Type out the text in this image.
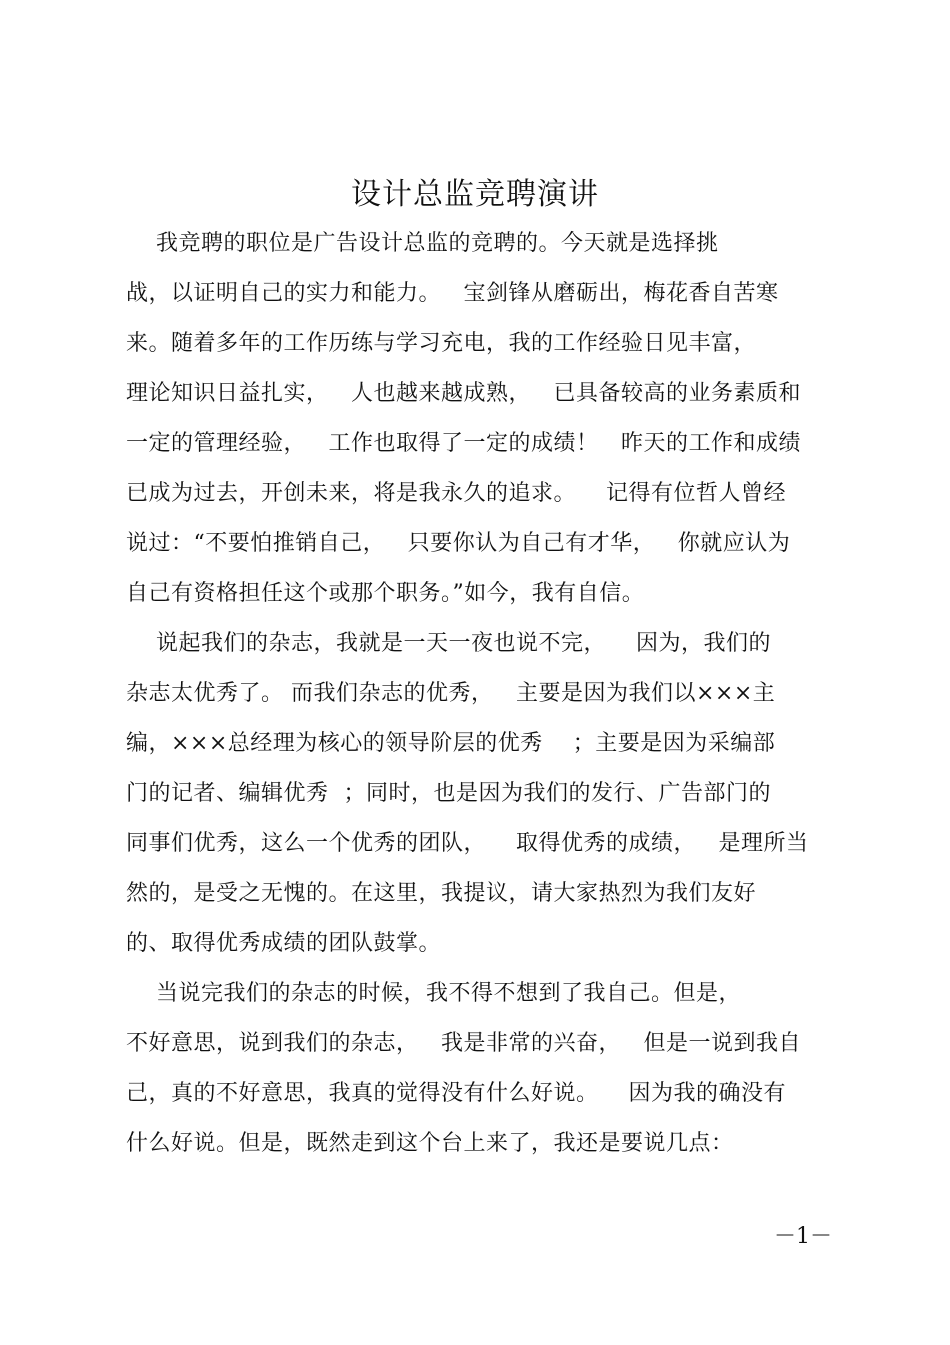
设计总监竞聘演讲
我竞聘的职位是广告设计总监的竞聘的。今天就是选择挑
战，以证明自己的实力和能力。   宝剑锋从磨砺出，梅花香自苦寒
来。随着多年的工作历练与学习充电，我的工作经验日见丰富，
理论知识日益扎实，   人也越来越成熟，   已具备较高的业务素质和
一定的管理经验，   工作也取得了一定的成绩！   昨天的工作和成绩
已成为过去，开创未来，将是我永久的追求。    记得有位哲人曾经
说过：“不要怕推销自己，   只要你认为自己有才华，   你就应认为
自己有资格担任这个或那个职务。”如今，我有自信。
说起我们的杂志，我就是一天一夜也说不完，    因为，我们的
杂志太优秀了。 而我们杂志的优秀，   主要是因为我们以×××主
编，×××总经理为核心的领导阶层的优秀    ；主要是因为采编部
门的记者、编辑优秀  ；同时，也是因为我们的发行、广告部门的
同事们优秀，这么一个优秀的团队，    取得优秀的成绩，   是理所当
然的，是受之无愧的。在这里，我提议，请大家热烈为我们友好
的、取得优秀成绩的团队鼓掌。
当说完我们的杂志的时候，我不得不想到了我自己。但是，
不好意思，说到我们的杂志，   我是非常的兴奋，   但是一说到我自
己，真的不好意思，我真的觉得没有什么好说。    因为我的确没有
什么好说。但是，既然走到这个台上来了，我还是要说几点：
－1－
